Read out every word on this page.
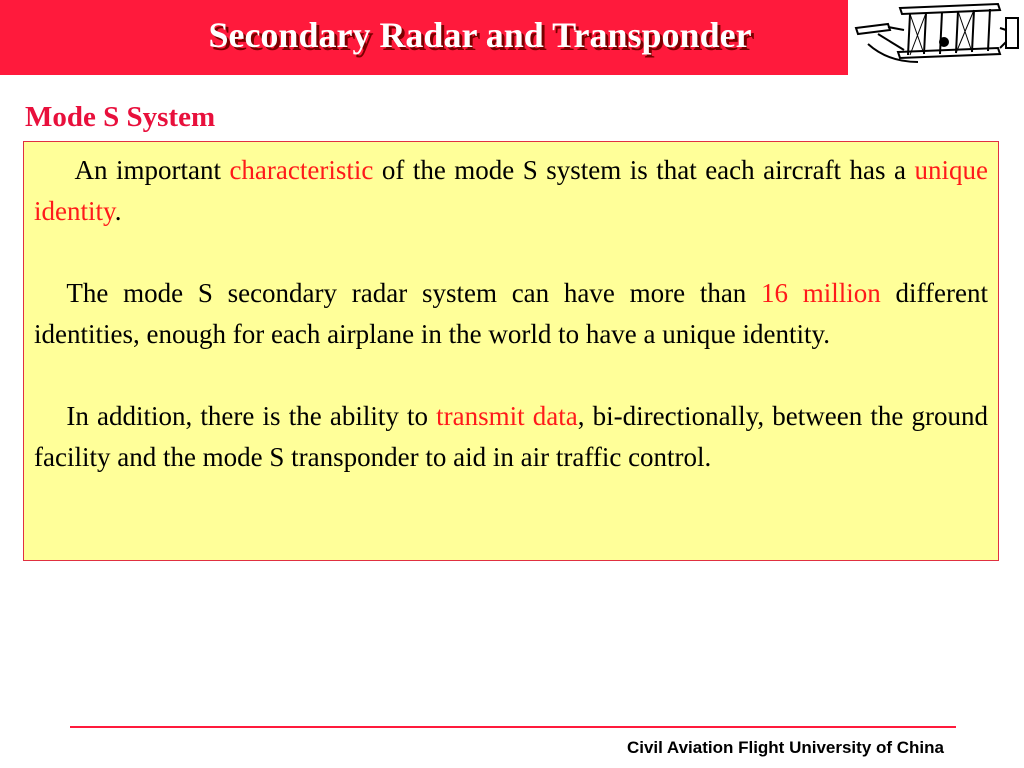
Secondary Radar and Transponder
Mode S System

An important characteristic of the mode S system is that each aircraft has a unique identity.

The mode S secondary radar system can have more than 16 million different identities, enough for each airplane in the world to have a unique identity.

In addition, there is the ability to transmit data, bi-directionally, between the ground facility and the mode S transponder to aid in air traffic control.

Civil Aviation Flight University of China
